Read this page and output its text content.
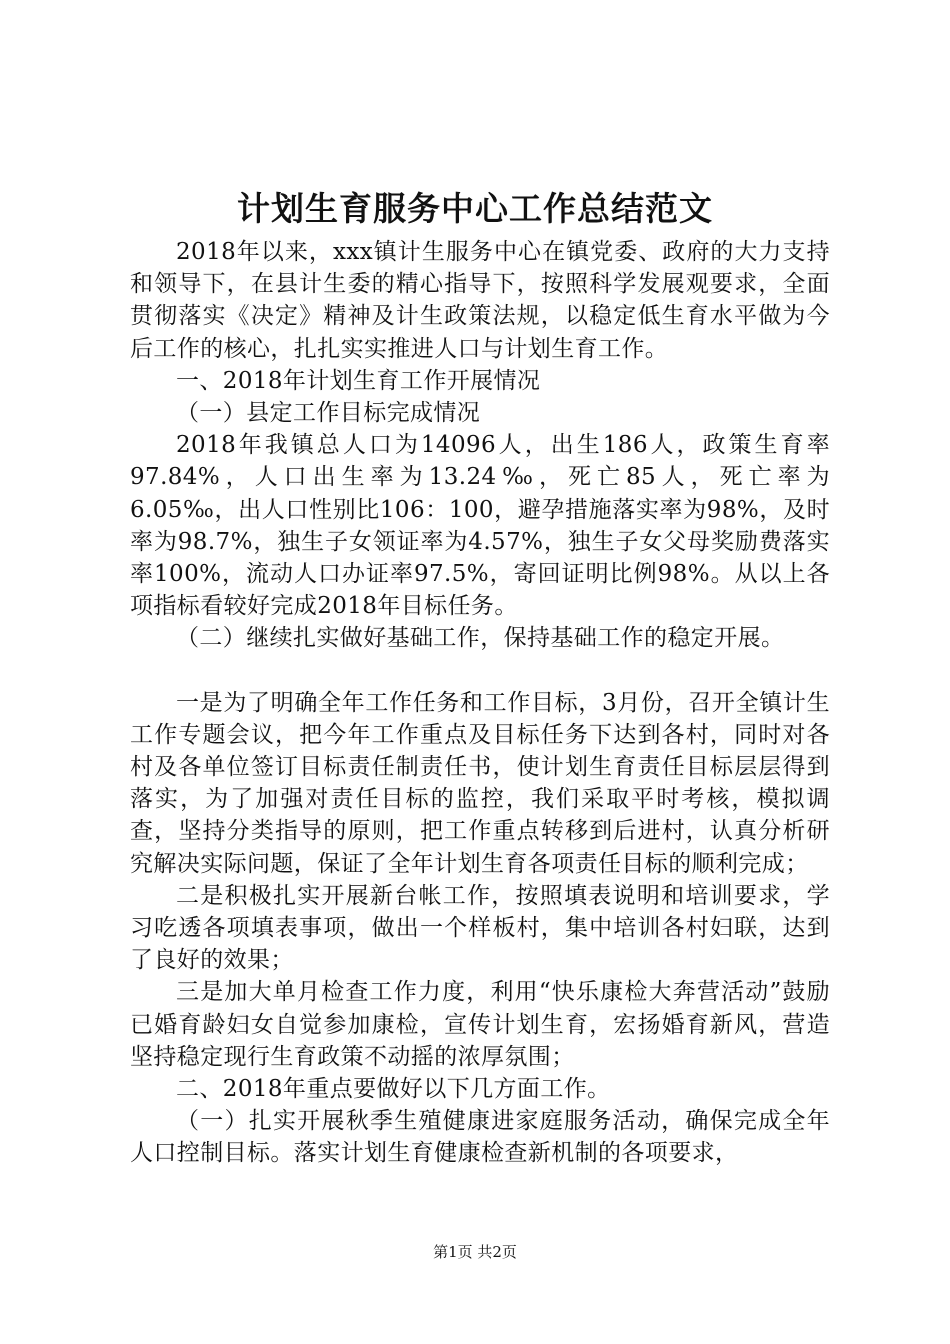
计划生育服务中心工作总结范文

2018年以来，xxx镇计生服务中心在镇党委、政府的大力支持和领导下，在县计生委的精心指导下，按照科学发展观要求，全面贯彻落实《决定》精神及计生政策法规，以稳定低生育水平做为今后工作的核心，扎扎实实推进人口与计划生育工作。

一、2018年计划生育工作开展情况

（一）县定工作目标完成情况

2018年我镇总人口为14096人，出生186人，政策生育率97.84%，人口出生率为13.24‰，死亡85人，死亡率为6.05‰，出人口性别比106：100，避孕措施落实率为98%，及时率为98.7%，独生子女领证率为4.57%，独生子女父母奖励费落实率100%，流动人口办证率97.5%，寄回证明比例98%。从以上各项指标看较好完成2018年目标任务。

（二）继续扎实做好基础工作，保持基础工作的稳定开展。

一是为了明确全年工作任务和工作目标，3月份，召开全镇计生工作专题会议，把今年工作重点及目标任务下达到各村，同时对各村及各单位签订目标责任制责任书，使计划生育责任目标层层得到落实，为了加强对责任目标的监控，我们采取平时考核，模拟调查，坚持分类指导的原则，把工作重点转移到后进村，认真分析研究解决实际问题，保证了全年计划生育各项责任目标的顺利完成；

二是积极扎实开展新台帐工作，按照填表说明和培训要求，学习吃透各项填表事项，做出一个样板村，集中培训各村妇联，达到了良好的效果；

三是加大单月检查工作力度，利用“快乐康检大奔营活动”鼓励已婚育龄妇女自觉参加康检，宣传计划生育，宏扬婚育新风，营造坚持稳定现行生育政策不动摇的浓厚氛围；

二、2018年重点要做好以下几方面工作。

（一）扎实开展秋季生殖健康进家庭服务活动，确保完成全年人口控制目标。落实计划生育健康检查新机制的各项要求，

第1页 共2页
